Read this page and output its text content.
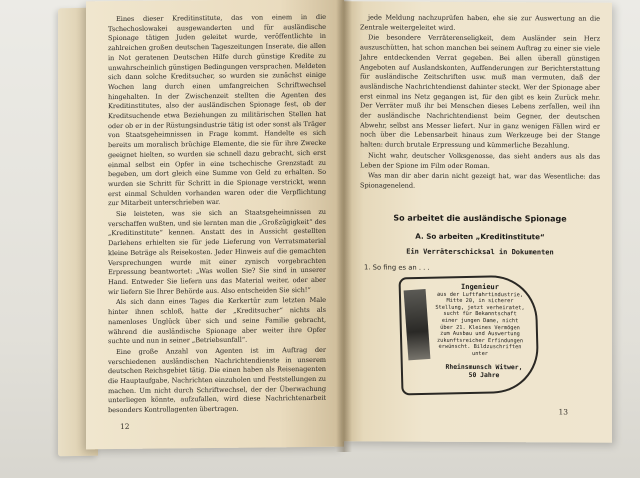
Eines dieser Kreditinstitute, das von einem in die Tschechoslowakei ausgewanderten und für ausländische Spionage tätigen Juden geleitet wurde, veröffentlichte in zahlreichen großen deutschen Tageszeitungen Inserate, die allen in Not geratenen Deutschen Hilfe durch günstige Kredite zu unwahrscheinlich günstigen Bedingungen versprachen. Meldeten sich dann solche Kreditsucher, so wurden sie zunächst einige Wochen lang durch einen umfangreichen Schriftwechsel hingehalten. In der Zwischenzeit stellten die Agenten des Kreditinstitutes, also der ausländischen Spionage fest, ob der Kreditsuchende etwa Beziehungen zu militärischen Stellen hat oder ob er in der Rüstungsindustrie tätig ist oder sonst als Träger von Staatsgeheimnissen in Frage kommt. Handelte es sich bereits um moralisch brüchige Elemente, die sie für ihre Zwecke geeignet hielten, so wurden sie schnell dazu gebracht, sich erst einmal selbst ein Opfer in eine tschechische Grenzstadt zu begeben, um dort gleich eine Summe von Geld zu erhalten. So wurden sie Schritt für Schritt in die Spionage verstrickt, wenn erst einmal Schulden vorhanden waren oder die Verpflichtung zur Mitarbeit unterschrieben war.

Sie leisteten, was sie sich an Staatsgeheimnissen zu verschaffen wußten, und sie lernten man die „Großzügigkeit“ des „Kreditinstitute“ kennen. Anstatt des in Aussicht gestellten Darlehens erhielten sie für jede Lieferung von Verratsmaterial kleine Beträge als Reisekosten. Jeder Hinweis auf die gemachten Versprechungen wurde mit einer zynisch vorgebrachten Erpressung beantwortet: „Was wollen Sie? Sie sind in unserer Hand. Entweder Sie liefern uns das Material weiter, oder aber wir liefern Sie Ihrer Behörde aus. Also entscheiden Sie sich!“

Als sich dann eines Tages die Kerkertür zum letzten Male hinter ihnen schloß, hatte der „Kreditsucher“ nichts als namenloses Unglück über sich und seine Familie gebracht, während die ausländische Spionage aber weiter ihre Opfer suchte und nun in seiner „Betriebsunfall“.

Eine große Anzahl von Agenten ist im Auftrag der verschiedenen ausländischen Nachrichtendienste in unserem deutschen Reichsgebiet tätig. Die einen haben als Reisenagenten die Hauptaufgabe, Nachrichten einzuholen und Feststellungen zu machen. Um nicht durch Schriftwechsel, der der Überwachung unterliegen könnte, aufzufallen, wird diese Nachrichtenarbeit besonders Kontrollagenten übertragen.

12

jede Meldung nachzuprüfen haben, ehe sie zur Auswertung an die Zentrale weitergeleitet wird.

Die besondere Verräterenseligkeit, dem Ausländer sein Herz auszuschütten, hat schon manchen bei seinem Auftrag zu einer sie viele Jahre entdeckenden Verrat gegeben. Bei allen überall günstigen Angeboten auf Auslandskonten, Auffenderungen zur Berichterstattung für ausländische Zeitschriften usw. muß man vermuten, daß der ausländische Nachrichtendienst dahinter steckt. Wer der Spionage aber erst einmal ins Netz gegangen ist, für den gibt es kein Zurück mehr. Der Verräter muß ihr bei Menschen dieses Lebens zerfallen, weil ihn der ausländische Nachrichtendienst beim Gegner, der deutschen Abwehr, selbst ans Messer liefert. Nur in ganz wenigen Fällen wird er noch über die Lebensarbeit hinaus zum Werkzeuge bei der Stange halten: durch brutale Erpressung und kümmerliche Bezahlung.

Nicht wahr, deutscher Volksgenosse, das sieht anders aus als das Leben der Spione im Film oder Roman.

Was man dir aber darin nicht gezeigt hat, war das Wesentliche: das Spionagenelend.

So arbeitet die ausländische Spionage
A. So arbeiten „Kreditinstitute“
Ein Verräterschicksal in Dokumenten
1. So fing es an . . .
Ingenieur
aus der Luftfahrtindustrie, Mitte 20, in sicherer Stellung, jetzt verheiratet, sucht für Bekanntschaft einer jungen Dame, nicht über 21. Kleines Vermögen zum Ausbau und Auswertung zukunftsreicher Erfindungen erwünscht. Bildzuschriften unter
Rheinsmunsch Witwer, 50 Jahre
13
